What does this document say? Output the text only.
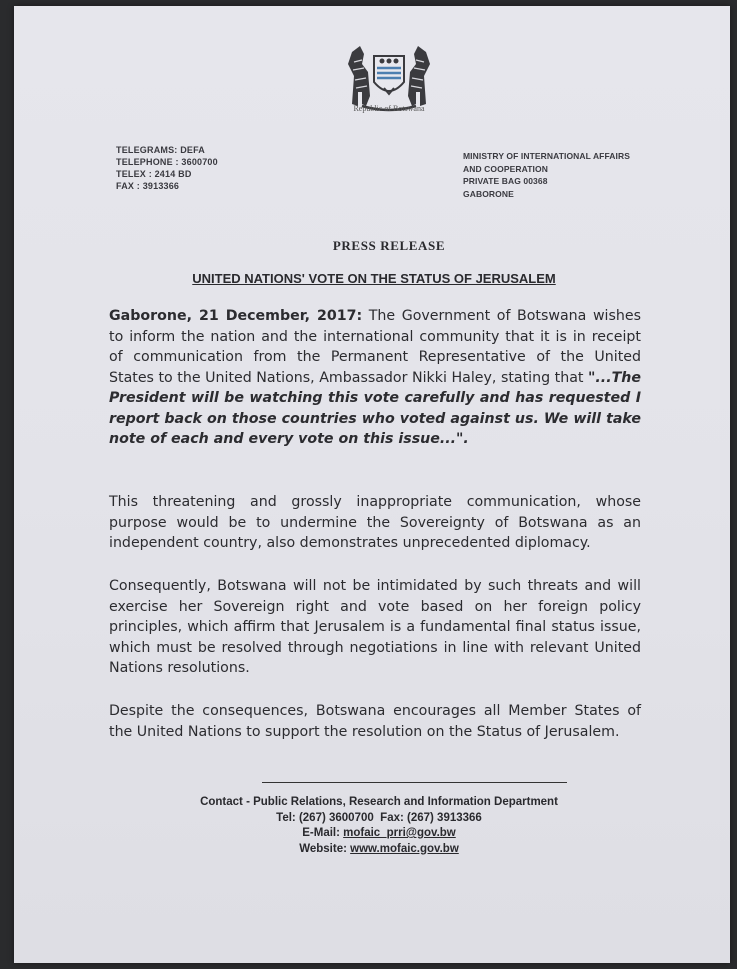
Republic of Botswana
TELEGRAMS: DEFA
TELEPHONE : 3600700
TELEX : 2414 BD
FAX : 3913366
MINISTRY OF INTERNATIONAL AFFAIRS
AND COOPERATION
PRIVATE BAG 00368
GABORONE
PRESS RELEASE
UNITED NATIONS' VOTE ON THE STATUS OF JERUSALEM
Gaborone, 21 December, 2017: The Government of Botswana wishes to inform the nation and the international community that it is in receipt of communication from the Permanent Representative of the United States to the United Nations, Ambassador Nikki Haley, stating that "...The President will be watching this vote carefully and has requested I report back on those countries who voted against us. We will take note of each and every vote on this issue...".
This threatening and grossly inappropriate communication, whose purpose would be to undermine the Sovereignty of Botswana as an independent country, also demonstrates unprecedented diplomacy.
Consequently, Botswana will not be intimidated by such threats and will exercise her Sovereign right and vote based on her foreign policy principles, which affirm that Jerusalem is a fundamental final status issue, which must be resolved through negotiations in line with relevant United Nations resolutions.
Despite the consequences, Botswana encourages all Member States of the United Nations to support the resolution on the Status of Jerusalem.
Contact - Public Relations, Research and Information Department
Tel: (267) 3600700 Fax: (267) 3913366
E-Mail: mofaic_prri@gov.bw
Website: www.mofaic.gov.bw
